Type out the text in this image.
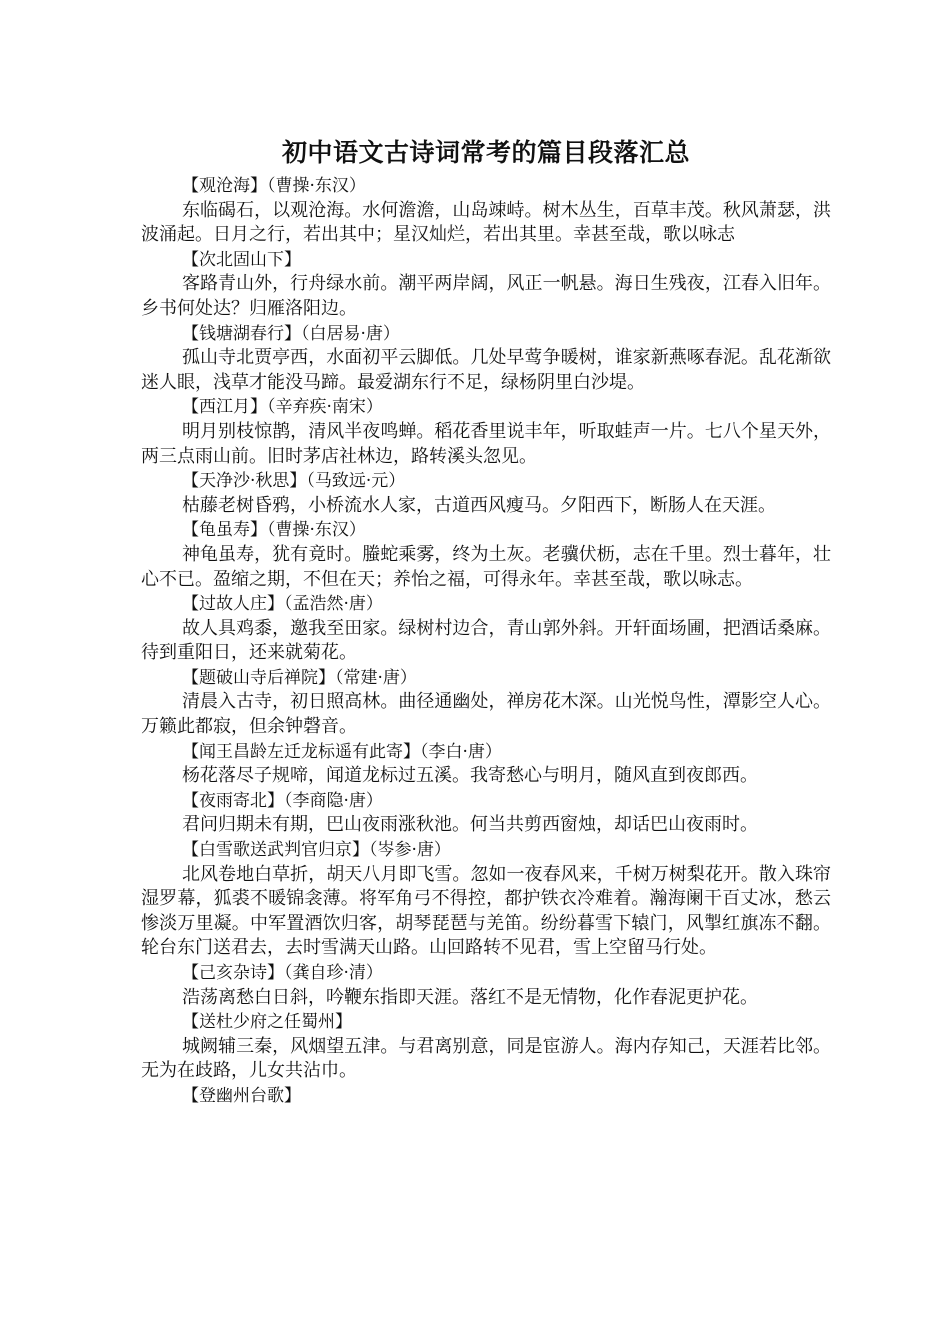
初中语文古诗词常考的篇目段落汇总
【观沧海】（曹操·东汉）

东临碣石，以观沧海。水何澹澹，山岛竦峙。树木丛生，百草丰茂。秋风萧瑟，洪波涌起。日月之行，若出其中；星汉灿烂，若出其里。幸甚至哉，歌以咏志

【次北固山下】

客路青山外，行舟绿水前。潮平两岸阔，风正一帆悬。海日生残夜，江春入旧年。乡书何处达？归雁洛阳边。

【钱塘湖春行】（白居易·唐）

孤山寺北贾亭西，水面初平云脚低。几处早莺争暖树，谁家新燕啄春泥。乱花渐欲迷人眼，浅草才能没马蹄。最爱湖东行不足，绿杨阴里白沙堤。

【西江月】（辛弃疾·南宋）

明月别枝惊鹊，清风半夜鸣蝉。稻花香里说丰年，听取蛙声一片。七八个星天外，两三点雨山前。旧时茅店社林边，路转溪头忽见。

【天净沙·秋思】（马致远·元）

枯藤老树昏鸦，小桥流水人家，古道西风瘦马。夕阳西下，断肠人在天涯。

【龟虽寿】（曹操·东汉）

神龟虽寿，犹有竟时。螣蛇乘雾，终为土灰。老骥伏枥，志在千里。烈士暮年，壮心不已。盈缩之期，不但在天；养怡之福，可得永年。幸甚至哉，歌以咏志。

【过故人庄】（孟浩然·唐）

故人具鸡黍，邀我至田家。绿树村边合，青山郭外斜。开轩面场圃，把酒话桑麻。待到重阳日，还来就菊花。

【题破山寺后禅院】（常建·唐）

清晨入古寺，初日照高林。曲径通幽处，禅房花木深。山光悦鸟性，潭影空人心。万籁此都寂，但余钟磬音。

【闻王昌龄左迁龙标遥有此寄】（李白·唐）

杨花落尽子规啼，闻道龙标过五溪。我寄愁心与明月，随风直到夜郎西。

【夜雨寄北】（李商隐·唐）

君问归期未有期，巴山夜雨涨秋池。何当共剪西窗烛，却话巴山夜雨时。

【白雪歌送武判官归京】（岑参·唐）

北风卷地白草折，胡天八月即飞雪。忽如一夜春风来，千树万树梨花开。散入珠帘湿罗幕，狐裘不暖锦衾薄。将军角弓不得控，都护铁衣冷难着。瀚海阑干百丈冰，愁云惨淡万里凝。中军置酒饮归客，胡琴琵琶与羌笛。纷纷暮雪下辕门，风掣红旗冻不翻。轮台东门送君去，去时雪满天山路。山回路转不见君，雪上空留马行处。

【己亥杂诗】（龚自珍·清）

浩荡离愁白日斜，吟鞭东指即天涯。落红不是无情物，化作春泥更护花。

【送杜少府之任蜀州】

城阙辅三秦，风烟望五津。与君离别意，同是宦游人。海内存知己，天涯若比邻。无为在歧路，儿女共沾巾。

【登幽州台歌】
